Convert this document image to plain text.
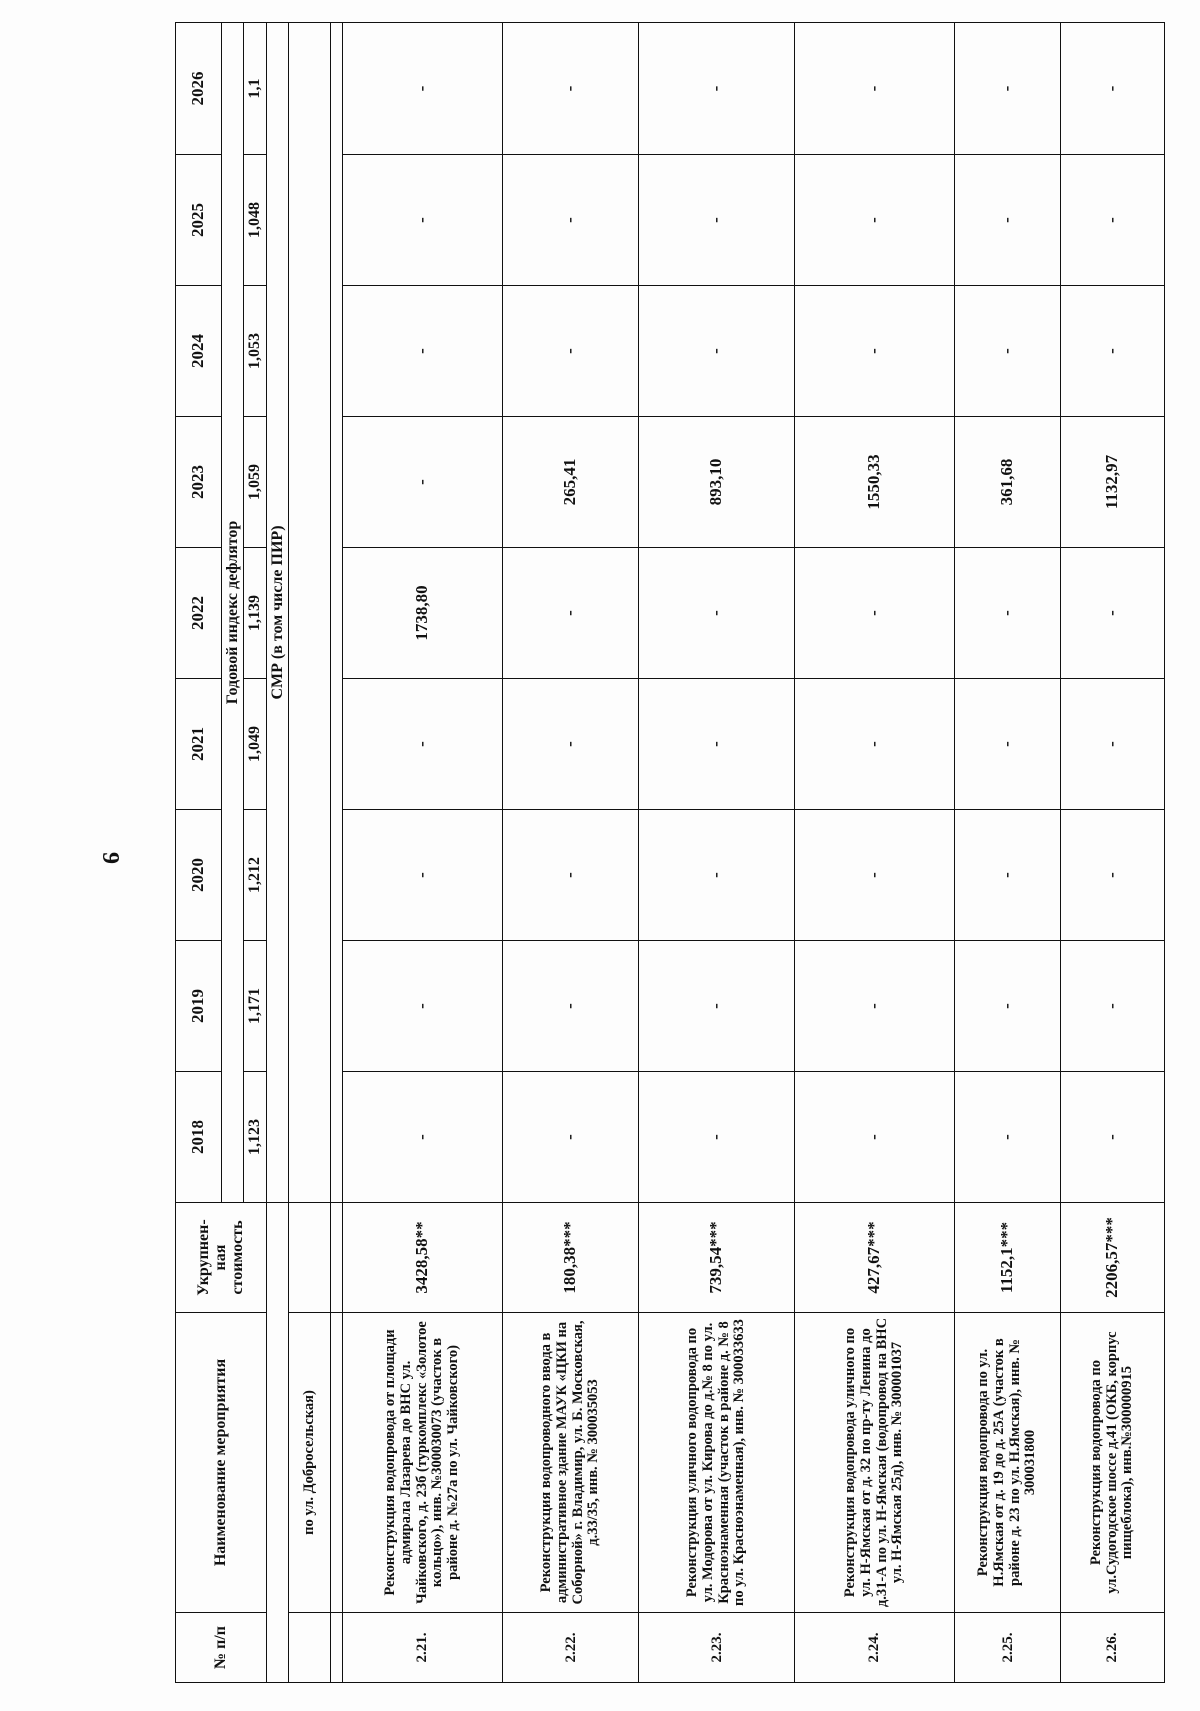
9
№ п/п	Наименование мероприятия	Укрупнен-ная стоимость	2018	2019	2020	2021	2022	2023	2024	2025	2026
			Годовой индекс дефлятор								
			1,123	1,171	1,212	1,049	1,139	1,059	1,053	1,048	1,1
			СМР (в том числе ПИР)								
	по ул. Добросельская)										

2.21.	Реконструкция водопровода от площади адмирала Лазарева до ВНС ул. Чайковского, д. 23б (туркомплекс «Золотое кольцо»), инв. №300030073 (участок в районе д. №27а по ул. Чайковского)	3428,58**	-	-	-	-	1738,80	-	-	-	-
2.22.	Реконструкция водопроводного ввода в административное здание МАУК «ЦКИ на Соборной» г. Владимир, ул. Б. Московская, д.33/35, инв. № 300035053	180,38***	-	-	-	-	-	265,41	-	-	-
2.23.	Реконструкция уличного водопровода по ул. Модорова от ул. Кирова до д.№ 8 по ул. Красноэнаменная (участок в районе д. № 8 по ул. Красноэнаменная), инв. № 300033633	739,54***	-	-	-	-	-	893,10	-	-	-
2.24.	Реконструкция водопровода уличного по ул. Н-Ямская от д. 32 по пр-ту Ленина до д.31-А по ул. Н-Ямская (водопровод на ВНС ул. Н-Ямская 25д), инв. № 300001037	427,67***	-	-	-	-	-	1550,33	-	-	-
2.25.	Реконструкция водопровода по ул. Н.Ямская от д. 19 до д. 25А (участок в районе д. 23 по ул. Н.Ямская), инв. № 300031800	1152,1***	-	-	-	-	-	361,68	-	-	-
2.26.	Реконструкция водопровода по ул.Судогодское шоссе д.41 (ОКБ, корпус пищеблока), инв.№300000915	2206,57***	-	-	-	-	-	1132,97	-	-	-
